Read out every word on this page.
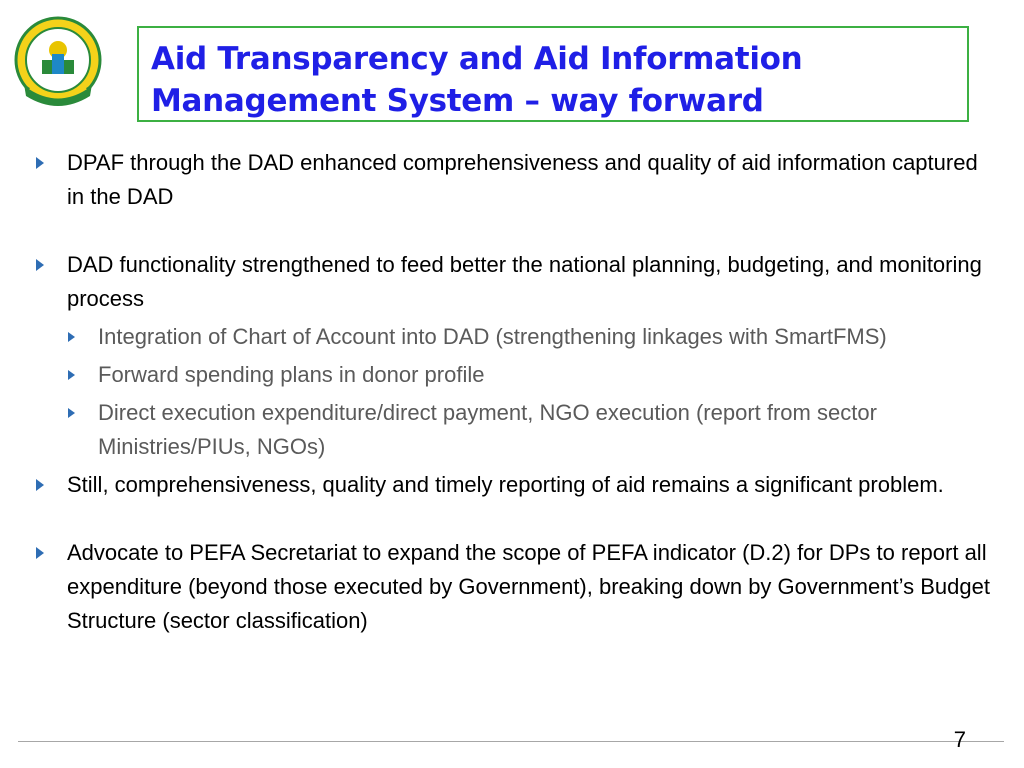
Aid Transparency and Aid Information
Management System – way forward
DPAF through the DAD enhanced comprehensiveness and quality of aid information captured in the DAD
DAD functionality strengthened to feed better the national planning, budgeting, and monitoring process
Integration of Chart of Account into DAD (strengthening linkages with SmartFMS)
Forward spending plans in donor profile
Direct execution expenditure/direct payment, NGO execution (report from sector Ministries/PIUs, NGOs)
Still, comprehensiveness, quality and timely reporting of aid remains a significant problem.
Advocate to PEFA Secretariat to expand the scope of PEFA indicator (D.2) for DPs to report all expenditure (beyond those executed by Government), breaking down by Government’s Budget Structure (sector classification)
7
